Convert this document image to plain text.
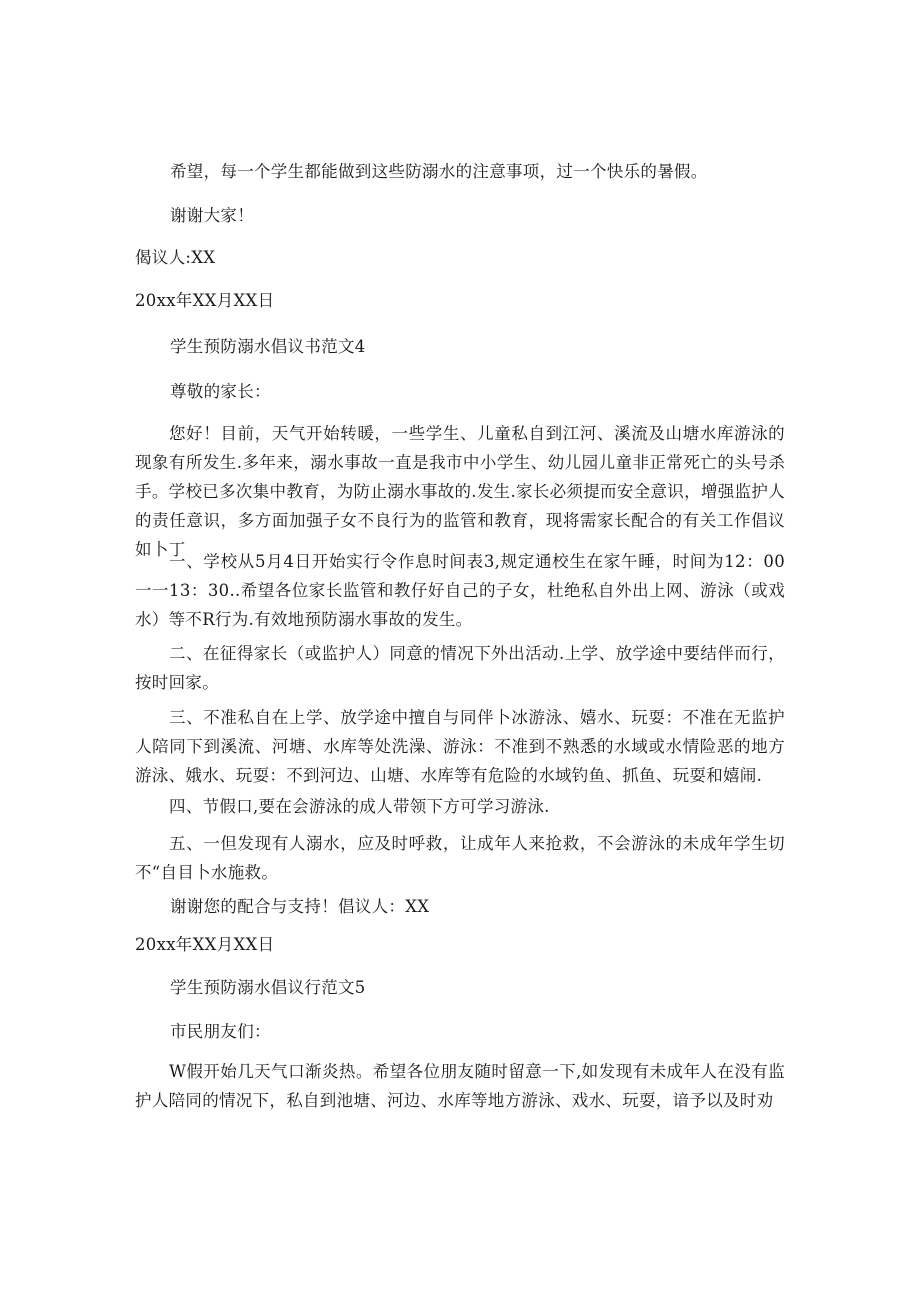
希望，每一个学生都能做到这些防溺水的注意事项，过一个快乐的暑假。
谢谢大家！
偈议人:XX
20xx年XX月XX日
学生预防溺水倡议书范文4
尊敬的家长：
您好！目前，天气开始转暖，一些学生、儿童私自到江河、溪流及山塘水库游泳的现象有所发生.多年来，溺水事故一直是我市中小学生、幼儿园儿童非正常死亡的头号杀手。学校已多次集中教育，为防止溺水事故的.发生.家长必须提而安全意识，增强监护人的责任意识，多方面加强子女不良行为的监管和教育，现将需家长配合的有关工作倡议如卜丁
一、学校从5月4日开始实行令作息时间表3,规定通校生在家午睡，时间为12：00一一13：30..希望各位家长监管和教仔好自己的子女，杜绝私自外出上网、游泳（或戏水）等不R行为.有效地预防溺水事故的发生。
二、在征得家长（或监护人）同意的情况下外出活动.上学、放学途中要结伴而行，按时回家。
三、不准私自在上学、放学途中擅自与同伴卜冰游泳、嬉水、玩耍：不准在无监护人陪同下到溪流、河塘、水库等处洗澡、游泳：不准到不熟悉的水域或水情险恶的地方游泳、娥水、玩耍：不到河边、山塘、水库等有危险的水域钓鱼、抓鱼、玩耍和嬉闹.
四、节假口,要在会游泳的成人带领下方可学习游泳.
五、一但发现有人溺水，应及时呼救，让成年人来抢救，不会游泳的未成年学生切不“自目卜水施救。
谢谢您的配合与支持！倡议人：XX
20xx年XX月XX日
学生预防溺水倡议行范文5
市民朋友们：
W假开始几天气口渐炎热。希望各位朋友随时留意一下,如发现有未成年人在没有监护人陪同的情况下，私自到池塘、河边、水库等地方游泳、戏水、玩耍，谙予以及时劝
